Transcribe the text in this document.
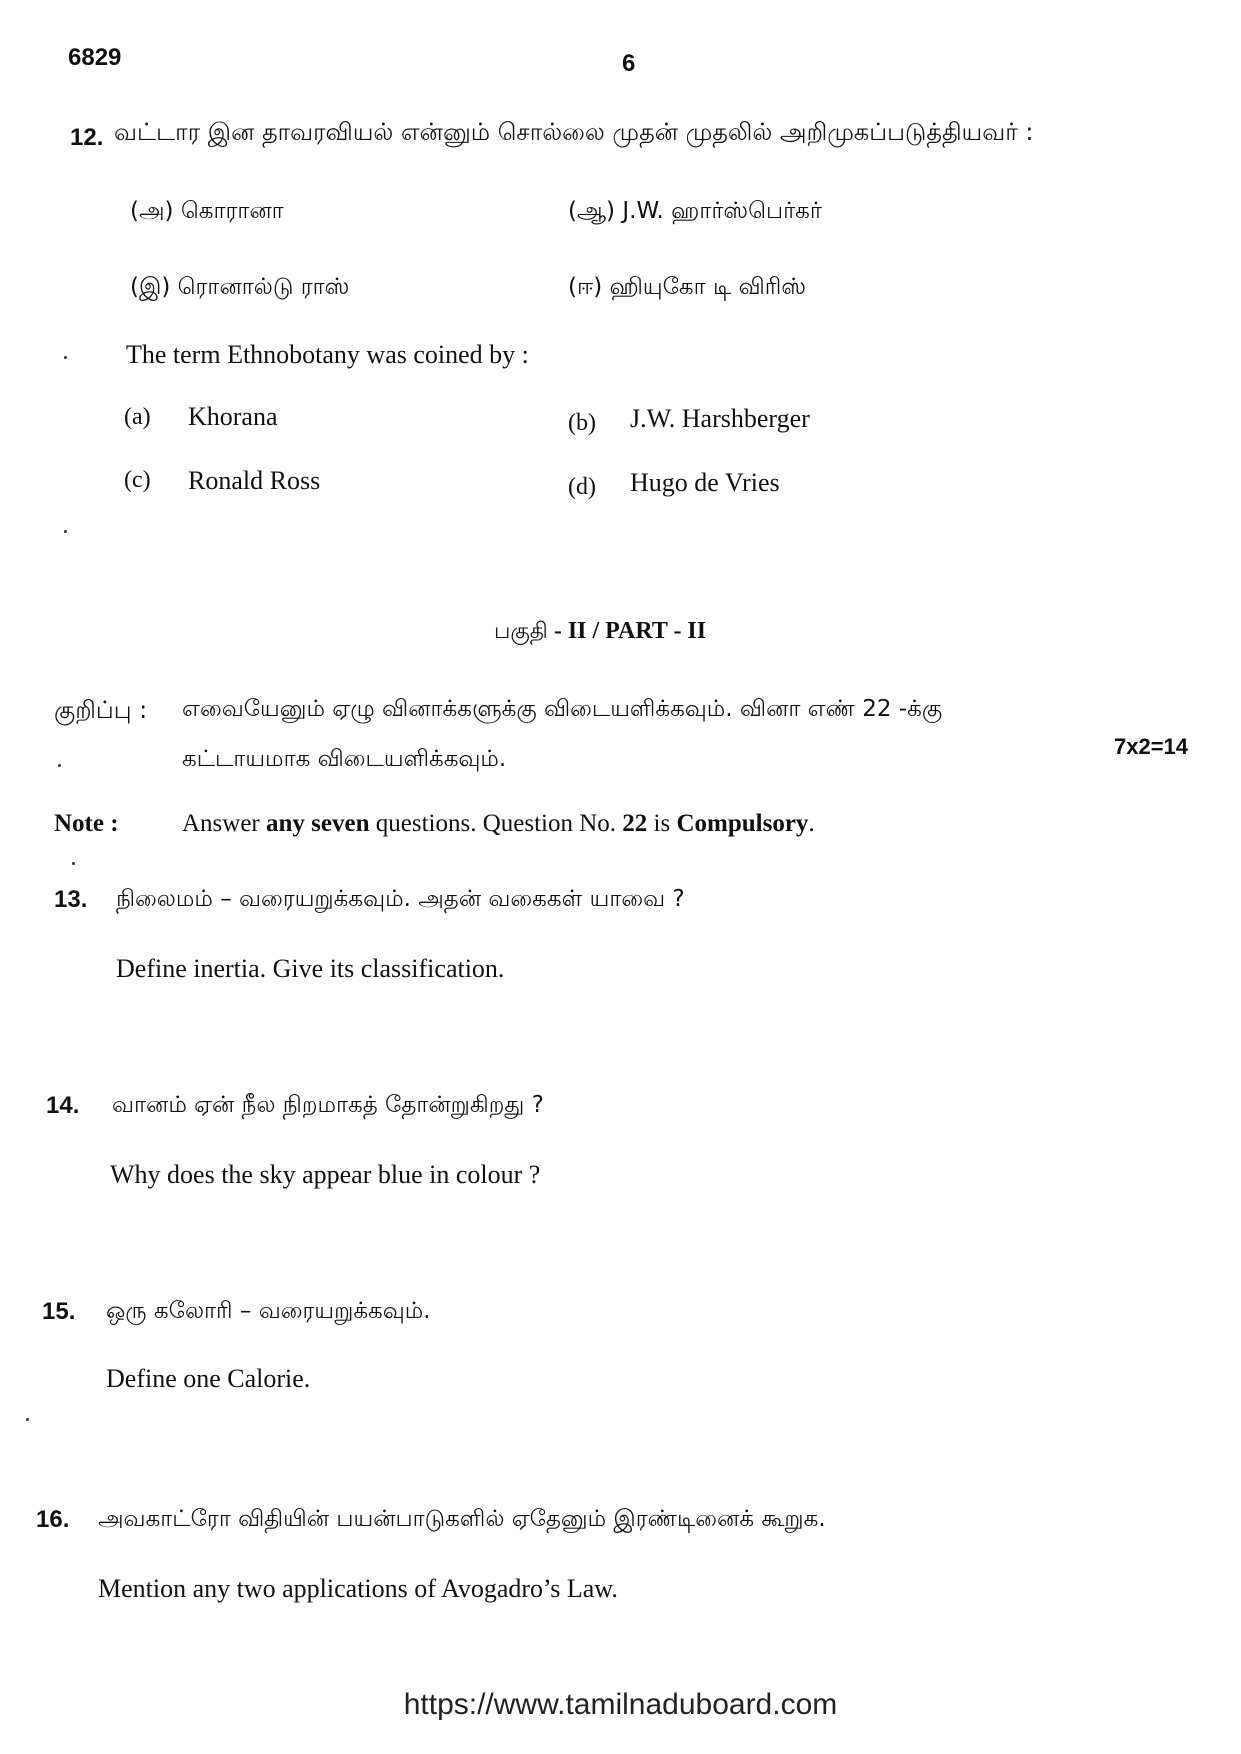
6829	6
12. வட்டார இன தாவரவியல் என்னும் சொல்லை முதன் முதலில் அறிமுகப்படுத்தியவர் :
(அ) கொரானா	(ஆ) J.W. ஹார்ஸ்பெர்கர்
(இ) ரொனால்டு ராஸ்	(ஈ) ஹியுகோ டி விரிஸ்
The term Ethnobotany was coined by :
(a) Khorana	(b) J.W. Harshberger
(c) Ronald Ross	(d) Hugo de Vries
பகுதி - II / PART - II
குறிப்பு : எவையேனும் ஏழு வினாக்களுக்கு விடையளிக்கவும். வினா எண் 22 -க்கு
கட்டாயமாக விடையளிக்கவும்.	7x2=14
Note :	Answer any seven questions. Question No. 22 is Compulsory.
13. நிலைமம் – வரையறுக்கவும். அதன் வகைகள் யாவை ?
Define inertia. Give its classification.
14. வானம் ஏன் நீல நிறமாகத் தோன்றுகிறது ?
Why does the sky appear blue in colour ?
15. ஒரு கலோரி – வரையறுக்கவும்.
Define one Calorie.
16. அவகாட்ரோ விதியின் பயன்பாடுகளில் ஏதேனும் இரண்டினைக் கூறுக.
Mention any two applications of Avogadro’s Law.
https://www.tamilnaduboard.com
